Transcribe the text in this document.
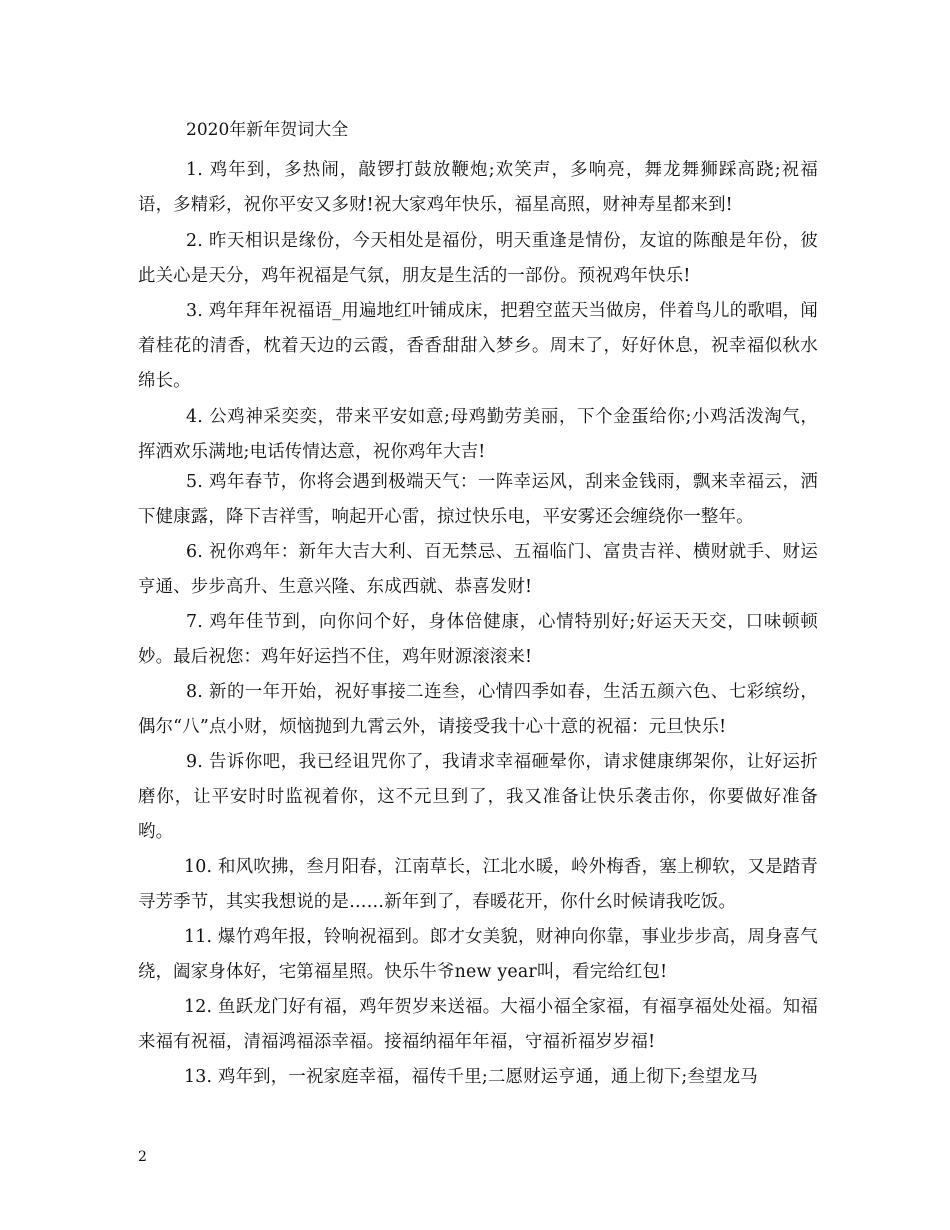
2020年新年贺词大全

1. 鸡年到，多热闹，敲锣打鼓放鞭炮;欢笑声，多响亮，舞龙舞狮踩高跷;祝福语，多精彩，祝你平安又多财!祝大家鸡年快乐，福星高照，财神寿星都来到!

2. 昨天相识是缘份，今天相处是福份，明天重逢是情份，友谊的陈酿是年份，彼此关心是天分，鸡年祝福是气氛，朋友是生活的一部份。预祝鸡年快乐!

3. 鸡年拜年祝福语_用遍地红叶铺成床，把碧空蓝天当做房，伴着鸟儿的歌唱，闻着桂花的清香，枕着天边的云霞，香香甜甜入梦乡。周末了，好好休息，祝幸福似秋水绵长。

4. 公鸡神采奕奕，带来平安如意;母鸡勤劳美丽，下个金蛋给你;小鸡活泼淘气，挥洒欢乐满地;电话传情达意，祝你鸡年大吉!

5. 鸡年春节，你将会遇到极端天气：一阵幸运风，刮来金钱雨，飘来幸福云，洒下健康露，降下吉祥雪，响起开心雷，掠过快乐电，平安雾还会缠绕你一整年。

6. 祝你鸡年：新年大吉大利、百无禁忌、五福临门、富贵吉祥、横财就手、财运亨通、步步高升、生意兴隆、东成西就、恭喜发财!

7. 鸡年佳节到，向你问个好，身体倍健康，心情特别好;好运天天交，口味顿顿妙。最后祝您：鸡年好运挡不住，鸡年财源滚滚来!

8. 新的一年开始，祝好事接二连叁，心情四季如春，生活五颜六色、七彩缤纷，偶尔“八”点小财，烦恼抛到九霄云外，请接受我十心十意的祝福：元旦快乐!

9. 告诉你吧，我已经诅咒你了，我请求幸福砸晕你，请求健康绑架你，让好运折磨你，让平安时时监视着你，这不元旦到了，我又准备让快乐袭击你，你要做好准备哟。

10. 和风吹拂，叁月阳春，江南草长，江北水暖，岭外梅香，塞上柳软，又是踏青寻芳季节，其实我想说的是……新年到了，春暖花开，你什幺时候请我吃饭。

11. 爆竹鸡年报，铃响祝福到。郎才女美貌，财神向你靠，事业步步高，周身喜气绕，阖家身体好，宅第福星照。快乐牛爷new year叫，看完给红包!

12. 鱼跃龙门好有福，鸡年贺岁来送福。大福小福全家福，有福享福处处福。知福来福有祝福，清福鸿福添幸福。接福纳福年年福，守福祈福岁岁福!

13. 鸡年到，一祝家庭幸福，福传千里;二愿财运亨通，通上彻下;叁望龙马

2
